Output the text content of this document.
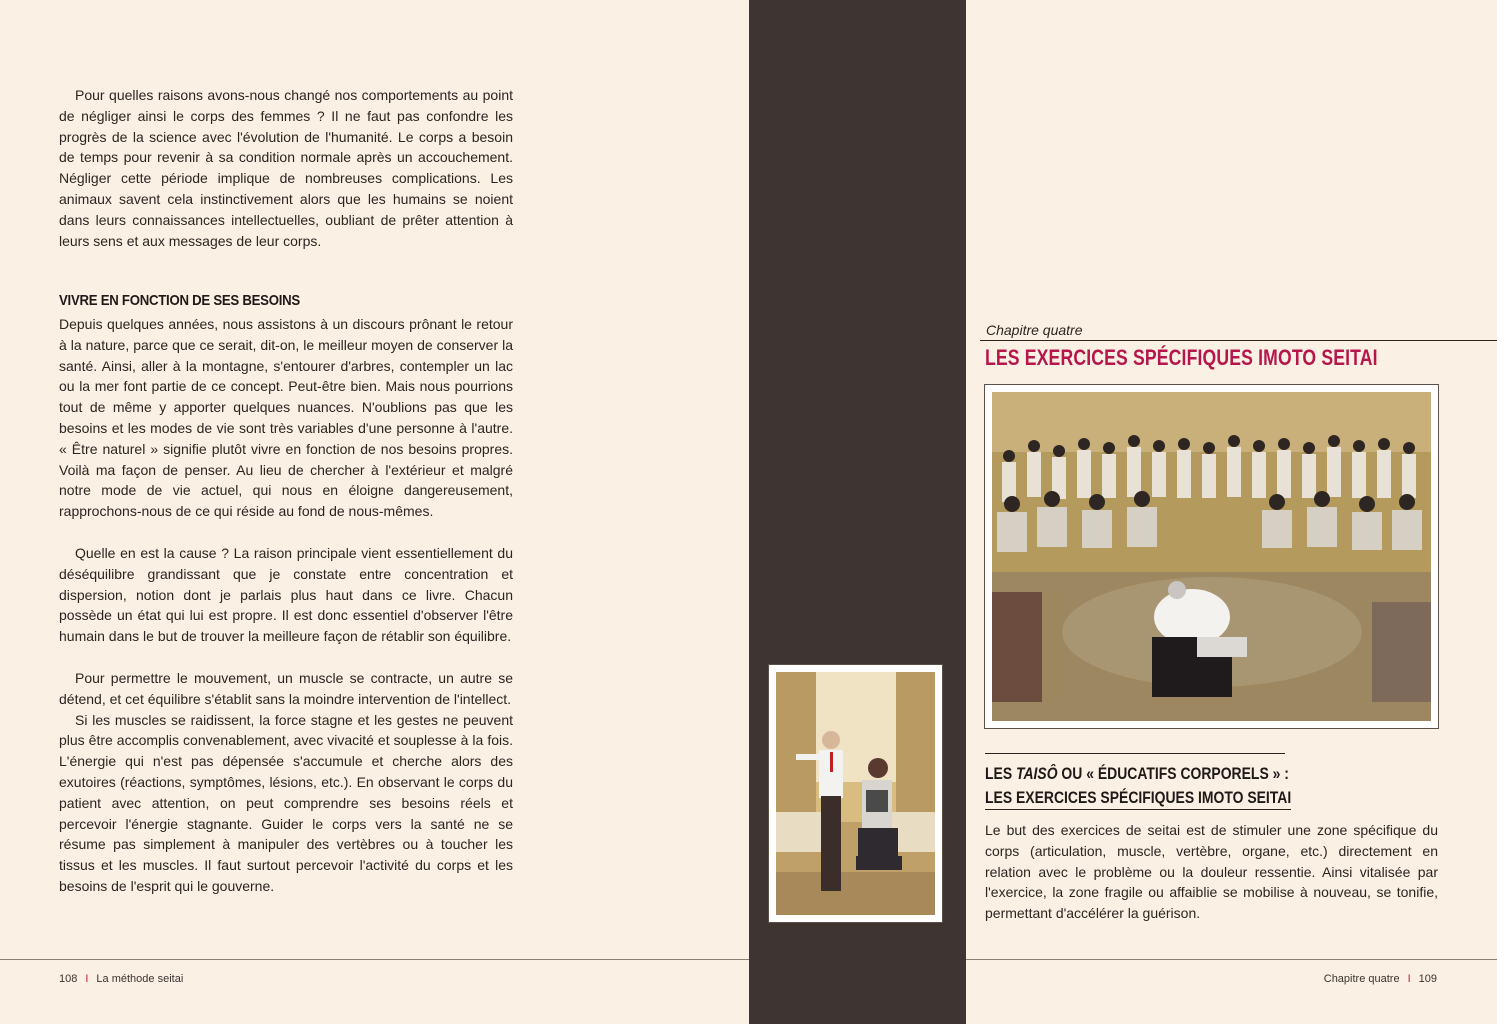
Pour quelles raisons avons-nous changé nos comportements au point de négliger ainsi le corps des femmes ? Il ne faut pas confondre les progrès de la science avec l'évolution de l'humanité. Le corps a besoin de temps pour revenir à sa condition normale après un accouchement. Négliger cette période implique de nombreuses complications. Les animaux savent cela instinctivement alors que les humains se noient dans leurs connaissances intellectuelles, oubliant de prêter attention à leurs sens et aux messages de leur corps.

VIVRE EN FONCTION DE SES BESOINS

Depuis quelques années, nous assistons à un discours prônant le retour à la nature, parce que ce serait, dit-on, le meilleur moyen de conserver la santé. Ainsi, aller à la montagne, s'entourer d'arbres, contempler un lac ou la mer font partie de ce concept. Peut-être bien. Mais nous pourrions tout de même y apporter quelques nuances. N'oublions pas que les besoins et les modes de vie sont très variables d'une personne à l'autre. « Être naturel » signifie plutôt vivre en fonction de nos besoins propres. Voilà ma façon de penser. Au lieu de chercher à l'extérieur et malgré notre mode de vie actuel, qui nous en éloigne dangereusement, rapprochons-nous de ce qui réside au fond de nous-mêmes.

Quelle en est la cause ? La raison principale vient essentiellement du déséquilibre grandissant que je constate entre concentration et dispersion, notion dont je parlais plus haut dans ce livre. Chacun possède un état qui lui est propre. Il est donc essentiel d'observer l'être humain dans le but de trouver la meilleure façon de rétablir son équilibre.

Pour permettre le mouvement, un muscle se contracte, un autre se détend, et cet équilibre s'établit sans la moindre intervention de l'intellect.

Si les muscles se raidissent, la force stagne et les gestes ne peuvent plus être accomplis convenablement, avec vivacité et souplesse à la fois. L'énergie qui n'est pas dépensée s'accumule et cherche alors des exutoires (réactions, symptômes, lésions, etc.). En observant le corps du patient avec attention, on peut comprendre ses besoins réels et percevoir l'énergie stagnante. Guider le corps vers la santé ne se résume pas simplement à manipuler des vertèbres ou à toucher les tissus et les muscles. Il faut surtout percevoir l'activité du corps et les besoins de l'esprit qui le gouverne.

Chapitre quatre
LES EXERCICES SPÉCIFIQUES IMOTO SEITAI
LES TAISÔ OU « ÉDUCATIFS CORPORELS » :
LES EXERCICES SPÉCIFIQUES IMOTO SEITAI

Le but des exercices de seitai est de stimuler une zone spécifique du corps (articulation, muscle, vertèbre, organe, etc.) directement en relation avec le problème ou la douleur ressentie. Ainsi vitalisée par l'exercice, la zone fragile ou affaiblie se mobilise à nouveau, se tonifie, permettant d'accélérer la guérison.

108 I La méthode seitai	Chapitre quatre I 109
